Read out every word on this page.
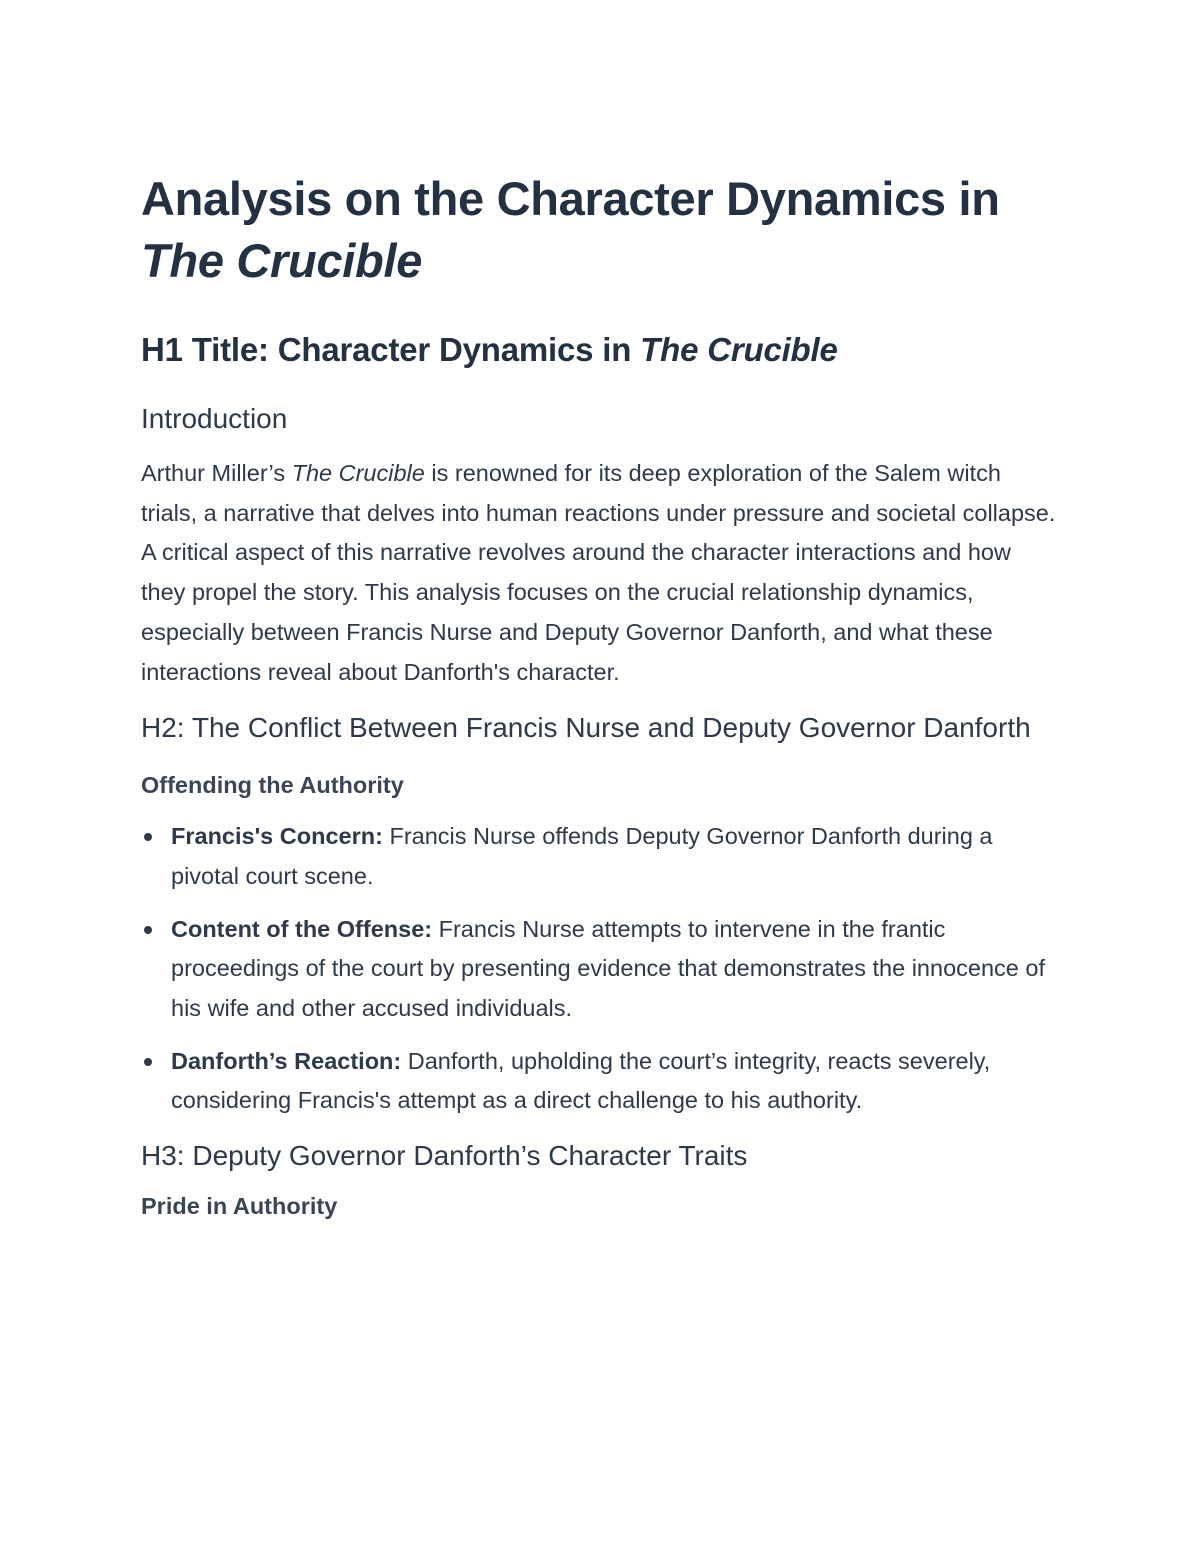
Analysis on the Character Dynamics in
The Crucible
H1 Title: Character Dynamics in The Crucible
Introduction

Arthur Miller’s The Crucible is renowned for its deep exploration of the Salem witch trials, a narrative that delves into human reactions under pressure and societal collapse. A critical aspect of this narrative revolves around the character interactions and how they propel the story. This analysis focuses on the crucial relationship dynamics, especially between Francis Nurse and Deputy Governor Danforth, and what these interactions reveal about Danforth's character.

H2: The Conflict Between Francis Nurse and Deputy Governor Danforth
Offending the Authority
Francis's Concern: Francis Nurse offends Deputy Governor Danforth during a pivotal court scene.
Content of the Offense: Francis Nurse attempts to intervene in the frantic proceedings of the court by presenting evidence that demonstrates the innocence of his wife and other accused individuals.
Danforth’s Reaction: Danforth, upholding the court’s integrity, reacts severely, considering Francis's attempt as a direct challenge to his authority.
H3: Deputy Governor Danforth’s Character Traits
Pride in Authority
